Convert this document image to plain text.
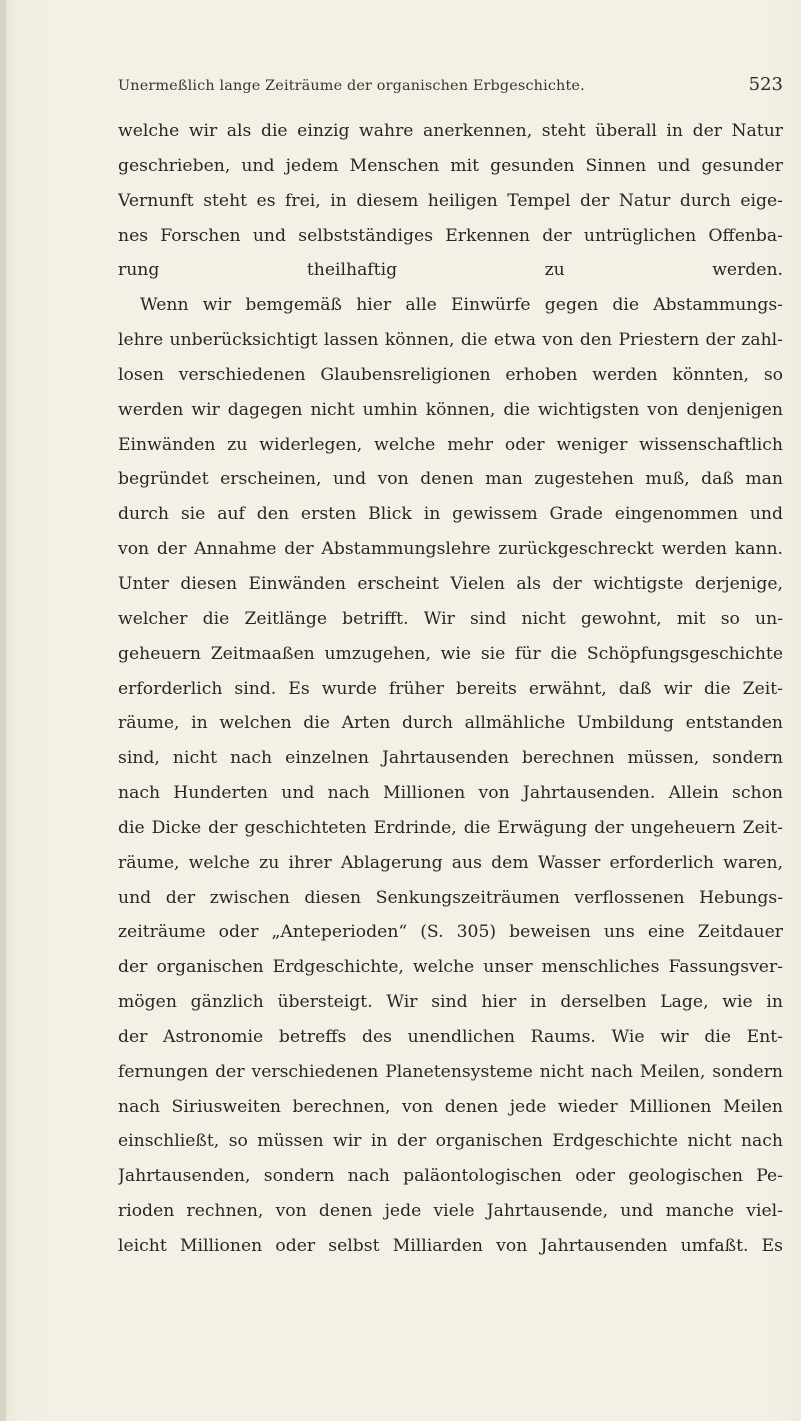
Unermeßlich lange Zeiträume der organischen Erbgeschichte.	523
welche wir als die einzig wahre anerkennen, steht überall in der Natur
geschrieben, und jedem Menschen mit gesunden Sinnen und gesunder
Vernunft steht es frei, in diesem heiligen Tempel der Natur durch eige-
nes Forschen und selbstständiges Erkennen der untrüglichen Offenba-
rung theilhaftig zu werden.
Wenn wir bemgemäß hier alle Einwürfe gegen die Abstammungs-
lehre unberücksichtigt lassen können, die etwa von den Priestern der zahl-
losen verschiedenen Glaubensreligionen erhoben werden könnten, so
werden wir dagegen nicht umhin können, die wichtigsten von denjenigen
Einwänden zu widerlegen, welche mehr oder weniger wissenschaftlich
begründet erscheinen, und von denen man zugestehen muß, daß man
durch sie auf den ersten Blick in gewissem Grade eingenommen und
von der Annahme der Abstammungslehre zurückgeschreckt werden kann.
Unter diesen Einwänden erscheint Vielen als der wichtigste derjenige,
welcher die Zeitlänge betrifft. Wir sind nicht gewohnt, mit so un-
geheuern Zeitmaaßen umzugehen, wie sie für die Schöpfungsgeschichte
erforderlich sind. Es wurde früher bereits erwähnt, daß wir die Zeit-
räume, in welchen die Arten durch allmähliche Umbildung entstanden
sind, nicht nach einzelnen Jahrtausenden berechnen müssen, sondern
nach Hunderten und nach Millionen von Jahrtausenden. Allein schon
die Dicke der geschichteten Erdrinde, die Erwägung der ungeheuern Zeit-
räume, welche zu ihrer Ablagerung aus dem Wasser erforderlich waren,
und der zwischen diesen Senkungszeiträumen verflossenen Hebungs-
zeiträume oder „Anteperioden“ (S. 305) beweisen uns eine Zeitdauer
der organischen Erdgeschichte, welche unser menschliches Fassungsver-
mögen gänzlich übersteigt. Wir sind hier in derselben Lage, wie in
der Astronomie betreffs des unendlichen Raums. Wie wir die Ent-
fernungen der verschiedenen Planetensysteme nicht nach Meilen, sondern
nach Siriusweiten berechnen, von denen jede wieder Millionen Meilen
einschließt, so müssen wir in der organischen Erdgeschichte nicht nach
Jahrtausenden, sondern nach paläontologischen oder geologischen Pe-
rioden rechnen, von denen jede viele Jahrtausende, und manche viel-
leicht Millionen oder selbst Milliarden von Jahrtausenden umfaßt. Es
